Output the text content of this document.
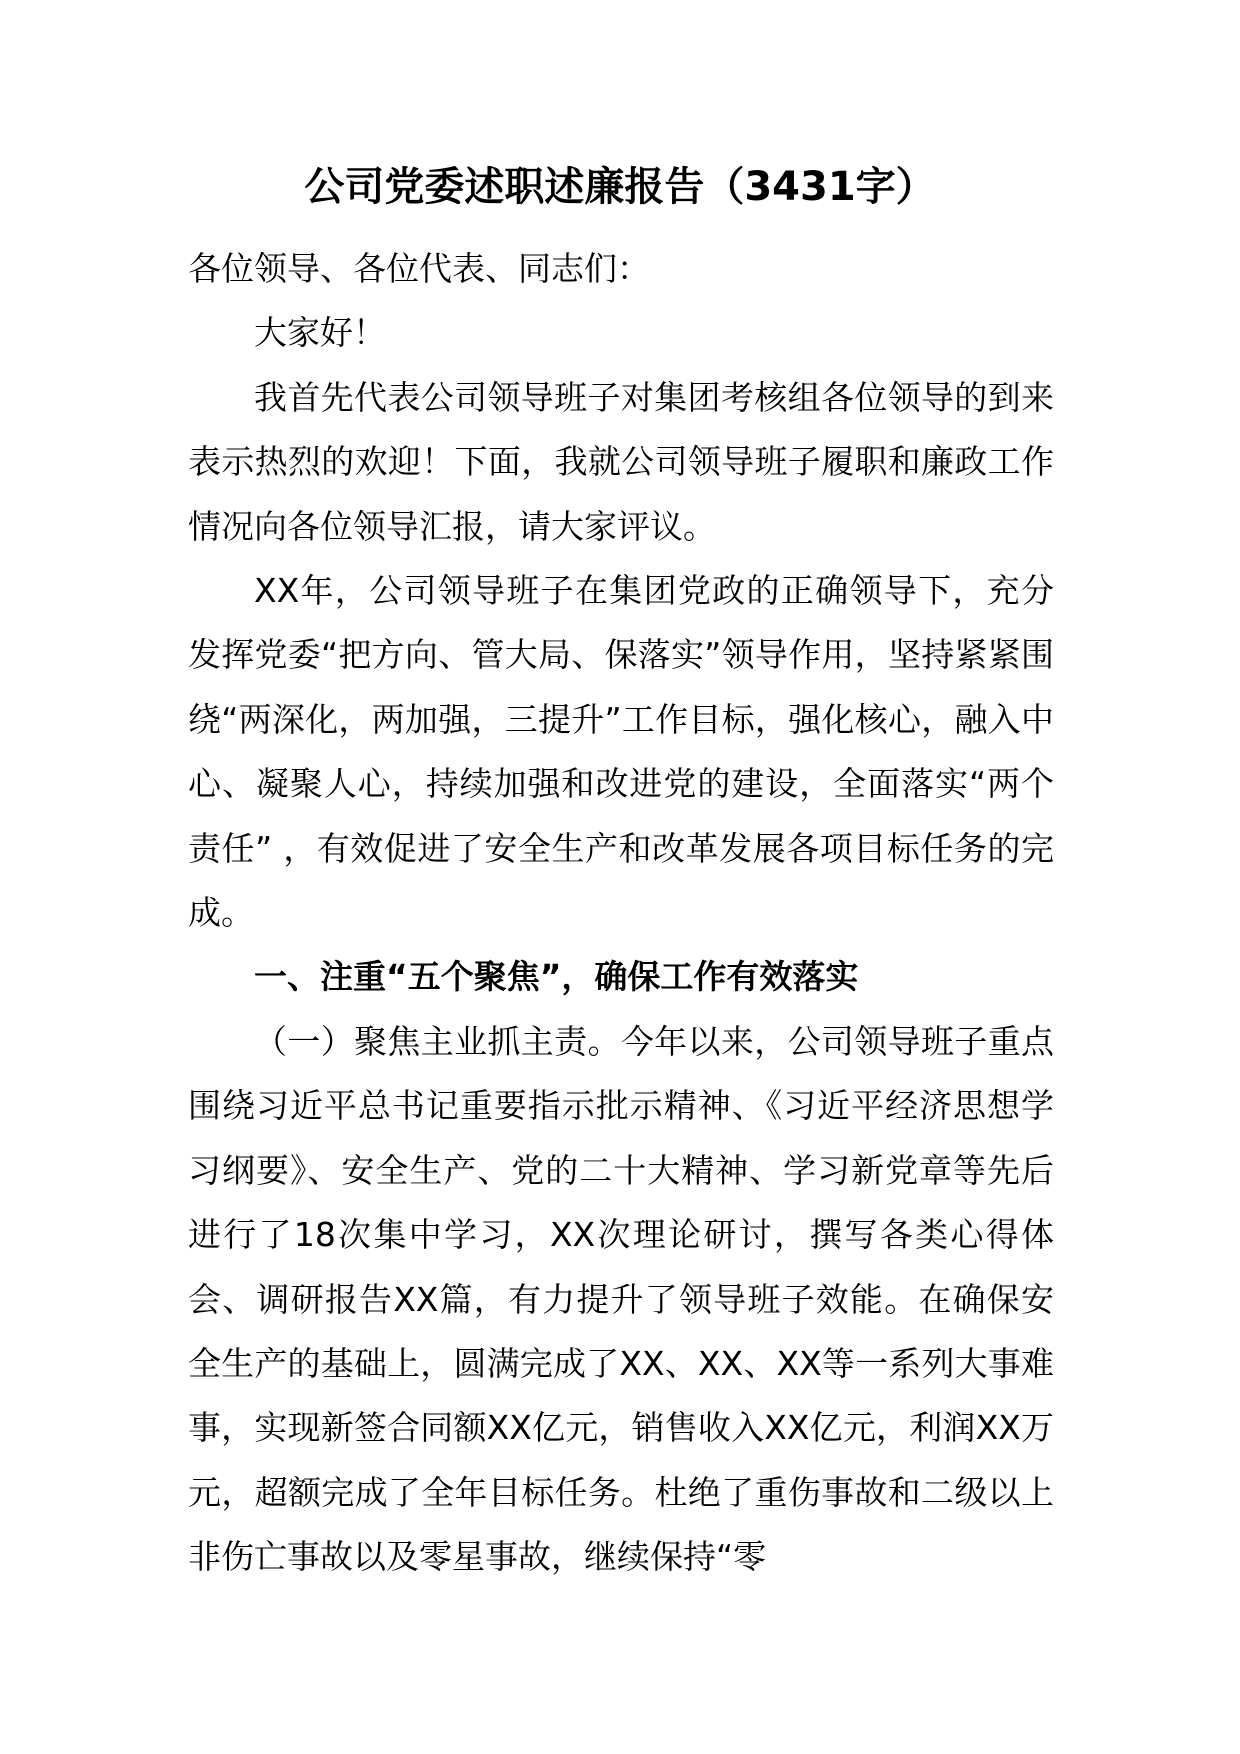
公司党委述职述廉报告（3431字）

各位领导、各位代表、同志们：

大家好！

我首先代表公司领导班子对集团考核组各位领导的到来表示热烈的欢迎！下面，我就公司领导班子履职和廉政工作情况向各位领导汇报，请大家评议。

XX年，公司领导班子在集团党政的正确领导下，充分发挥党委“把方向、管大局、保落实”领导作用，坚持紧紧围绕“两深化，两加强，三提升”工作目标，强化核心，融入中心、凝聚人心，持续加强和改进党的建设，全面落实“两个责任” ，有效促进了安全生产和改革发展各项目标任务的完成。

一、注重“五个聚焦”，确保工作有效落实

（一）聚焦主业抓主责。今年以来，公司领导班子重点围绕习近平总书记重要指示批示精神、《习近平经济思想学习纲要》、安全生产、党的二十大精神、学习新党章等先后进行了18次集中学习，XX次理论研讨，撰写各类心得体会、调研报告XX篇，有力提升了领导班子效能。在确保安全生产的基础上，圆满完成了XX、XX、XX等一系列大事难事，实现新签合同额XX亿元，销售收入XX亿元，利润XX万元，超额完成了全年目标任务。杜绝了重伤事故和二级以上非伤亡事故以及零星事故，继续保持“零
